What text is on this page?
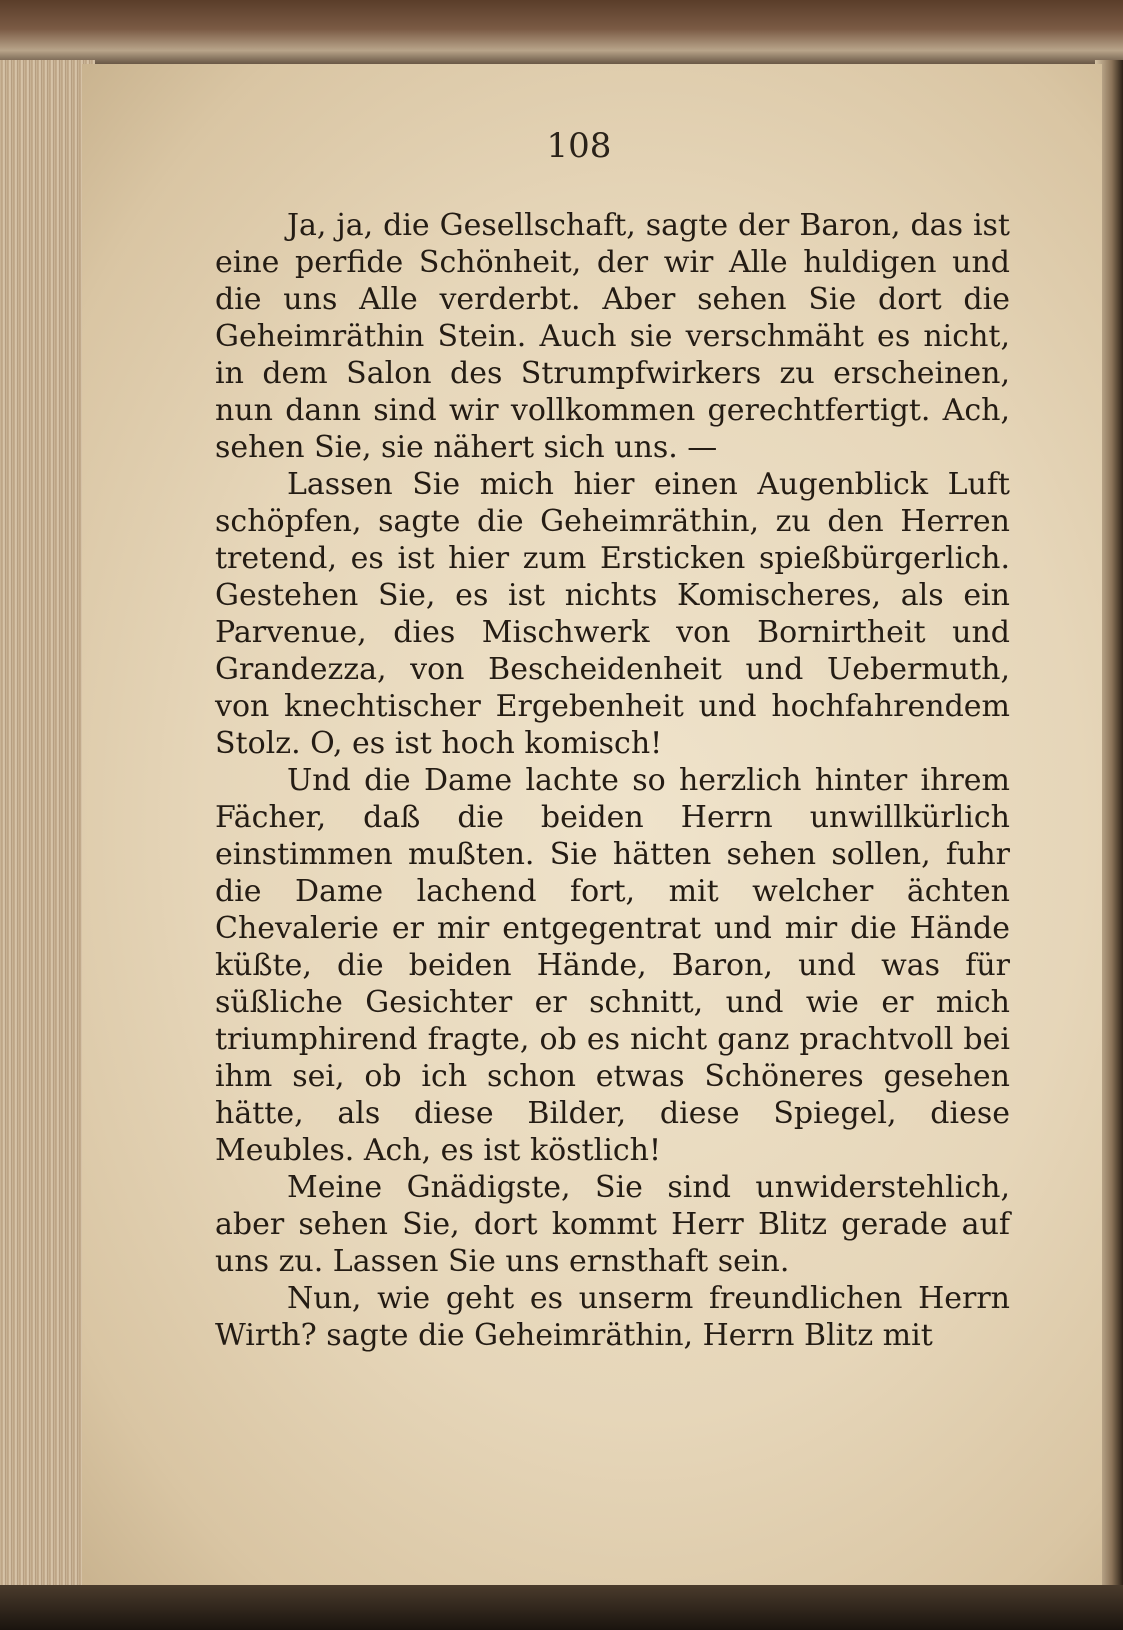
108

Ja, ja, die Gesellschaft, sagte der Baron, das ist eine perfide Schönheit, der wir Alle huldigen und die uns Alle verderbt. Aber sehen Sie dort die Geheimräthin Stein. Auch sie verschmäht es nicht, in dem Salon des Strumpfwirkers zu erscheinen, nun dann sind wir vollkommen gerechtfertigt. Ach, sehen Sie, sie nähert sich uns. —

Lassen Sie mich hier einen Augenblick Luft schöpfen, sagte die Geheimräthin, zu den Herren tretend, es ist hier zum Ersticken spießbürgerlich. Gestehen Sie, es ist nichts Komischeres, als ein Parvenue, dies Mischwerk von Bornirtheit und Grandezza, von Bescheidenheit und Uebermuth, von knechtischer Ergebenheit und hochfahrendem Stolz. O, es ist hoch komisch!

Und die Dame lachte so herzlich hinter ihrem Fächer, daß die beiden Herrn unwillkürlich einstimmen mußten. Sie hätten sehen sollen, fuhr die Dame lachend fort, mit welcher ächten Chevalerie er mir entgegentrat und mir die Hände küßte, die beiden Hände, Baron, und was für süßliche Gesichter er schnitt, und wie er mich triumphirend fragte, ob es nicht ganz prachtvoll bei ihm sei, ob ich schon etwas Schöneres gesehen hätte, als diese Bilder, diese Spiegel, diese Meubles. Ach, es ist köstlich!

Meine Gnädigste, Sie sind unwiderstehlich, aber sehen Sie, dort kommt Herr Blitz gerade auf uns zu. Lassen Sie uns ernsthaft sein.

Nun, wie geht es unserm freundlichen Herrn Wirth? sagte die Geheimräthin, Herrn Blitz mit
